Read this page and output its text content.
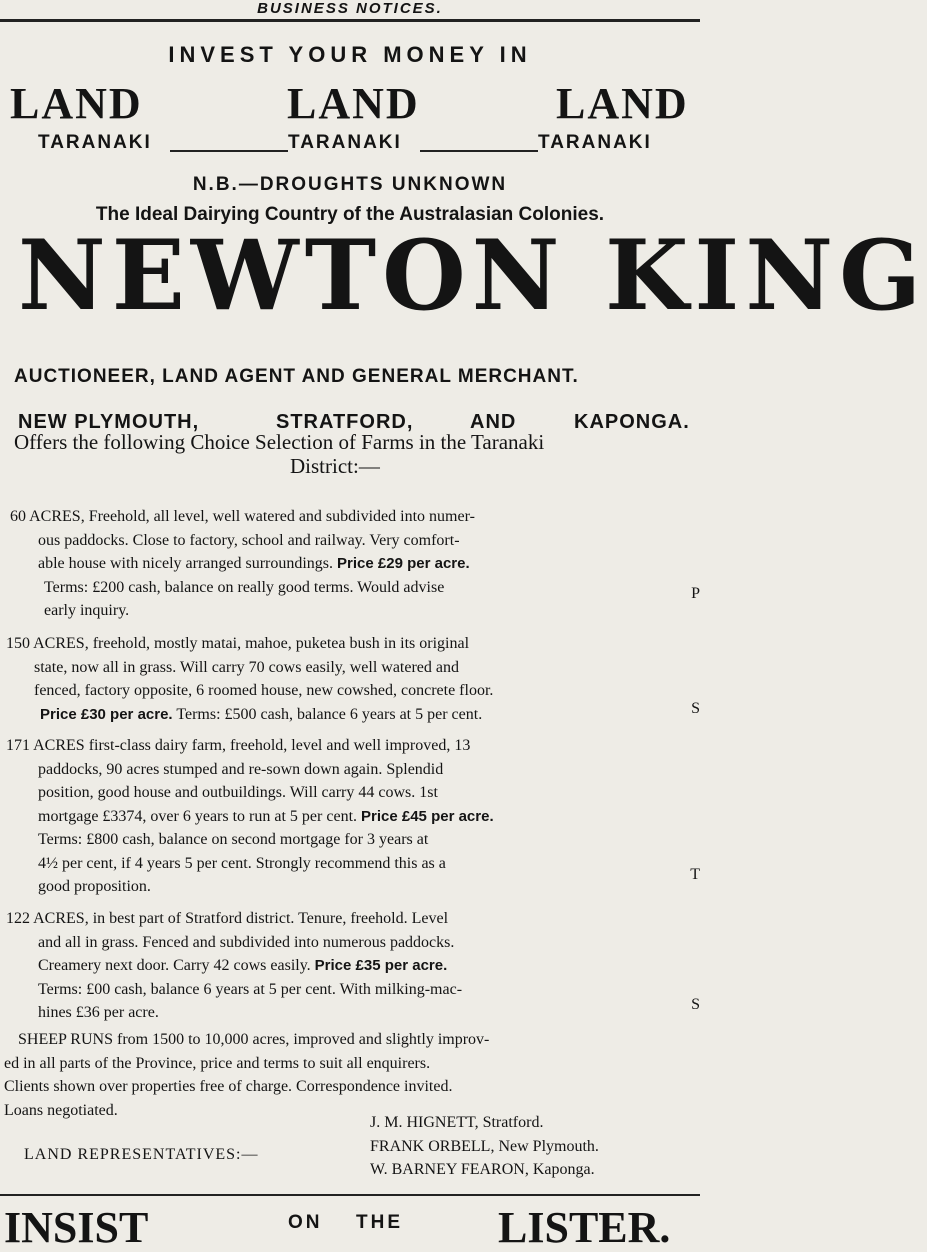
BUSINESS NOTICES.
INVEST YOUR MONEY IN
LAND	LAND	LAND
TARANAKI	TARANAKI	TARANAKI
N.B.—DROUGHTS UNKNOWN
The Ideal Dairying Country of the Australasian Colonies.
NEWTON KING
AUCTIONEER, LAND AGENT AND GENERAL MERCHANT.
NEW PLYMOUTH,	STRATFORD,	AND	KAPONGA.
Offers the following Choice Selection of Farms in the Taranaki
District:—
60 ACRES, Freehold, all level, well watered and subdivided into numer-
ous paddocks. Close to factory, school and railway. Very comfort-
able house with nicely arranged surroundings. Price £29 per acre.
Terms: £200 cash, balance on really good terms. Would advise
early inquiry.
P
150 ACRES, freehold, mostly matai, mahoe, puketea bush in its original
state, now all in grass. Will carry 70 cows easily, well watered and
fenced, factory opposite, 6 roomed house, new cowshed, concrete floor.
Price £30 per acre. Terms: £500 cash, balance 6 years at 5 per cent.	S
171 ACRES first-class dairy farm, freehold, level and well improved, 13
paddocks, 90 acres stumped and re-sown down again. Splendid
position, good house and outbuildings. Will carry 44 cows. 1st
mortgage £3374, over 6 years to run at 5 per cent. Price £45 per acre.
Terms: £800 cash, balance on second mortgage for 3 years at
4½ per cent, if 4 years 5 per cent. Strongly recommend this as a
good proposition.
T
122 ACRES, in best part of Stratford district. Tenure, freehold. Level
and all in grass. Fenced and subdivided into numerous paddocks.
Creamery next door. Carry 42 cows easily. Price £35 per acre.
Terms: £00 cash, balance 6 years at 5 per cent. With milking-mac-
hines £36 per acre.	S
SHEEP RUNS from 1500 to 10,000 acres, improved and slightly improv-
ed in all parts of the Province, price and terms to suit all enquirers.
Clients shown over properties free of charge. Correspondence invited.
Loans negotiated.
LAND REPRESENTATIVES:—
J. M. HIGNETT, Stratford.
FRANK ORBELL, New Plymouth.
W. BARNEY FEARON, Kaponga.
INSIST	ON THE LISTER.
